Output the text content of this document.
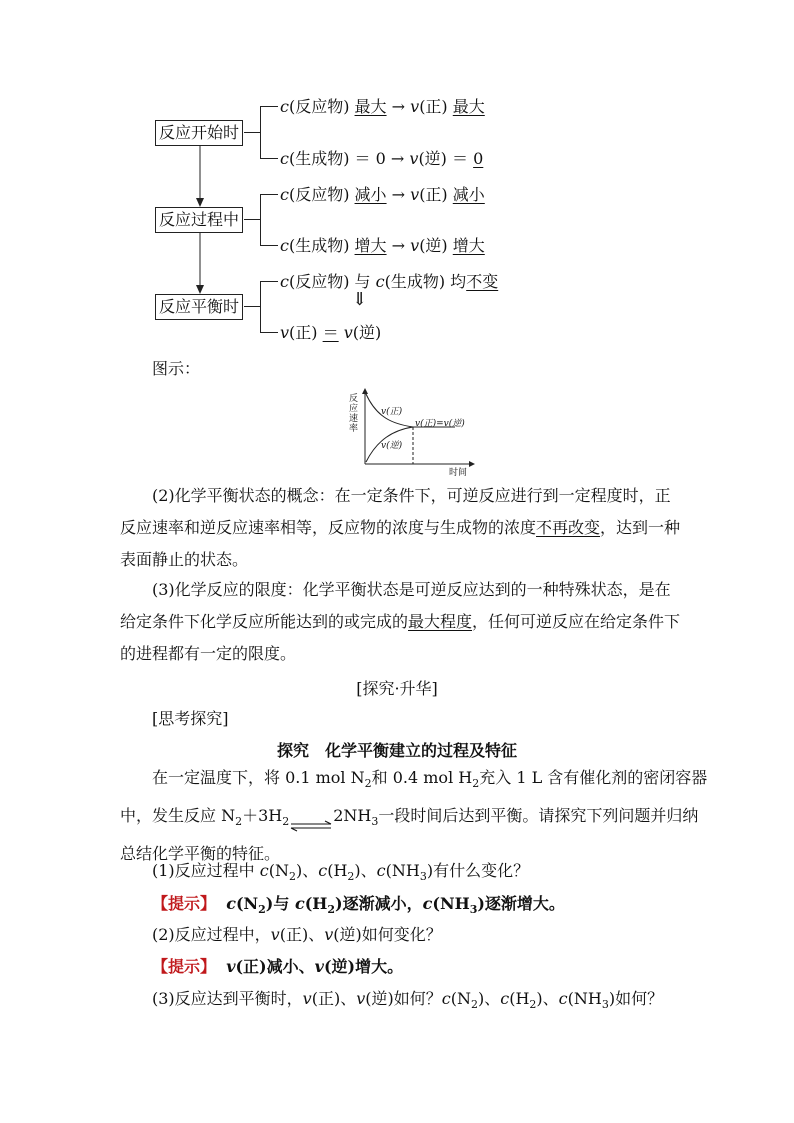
反应开始时
反应过程中
反应平衡时
c(反应物) 最大 → v(正) 最大
c(生成物) ＝ 0 → v(逆) ＝ 0
c(反应物) 减小 → v(正) 减小
c(生成物) 增大 → v(逆) 增大
c(反应物) 与 c(生成物) 均不变
⇓
v(正) ＝ v(逆)
图示：
反
应
速
率
v(正)
v(逆)
v(正)=v(逆)
时间
(2)化学平衡状态的概念：在一定条件下，可逆反应进行到一定程度时，正
反应速率和逆反应速率相等，反应物的浓度与生成物的浓度不再改变，达到一种
表面静止的状态。
(3)化学反应的限度：化学平衡状态是可逆反应达到的一种特殊状态，是在
给定条件下化学反应所能达到的或完成的最大程度，任何可逆反应在给定条件下
的进程都有一定的限度。
[探究·升华]
[思考探究]
探究　化学平衡建立的过程及特征
在一定温度下，将 0.1 mol $N_2$和 0.4 mol $H_2$充入 1 L 含有催化剂的密闭容器
中，发生反应 $N_2+3H_2\rightleftharpoons 2NH_3$一段时间后达到平衡。请探究下列问题并归纳
总结化学平衡的特征。
(1)反应过程中 $c(N_2)$、$c(H_2)$、$c(NH_3)$有什么变化？
【提示】 $c(N_2)$与 $c(H_2)$逐渐减小，$c(NH_3)$逐渐增大。
(2)反应过程中，v(正)、v(逆)如何变化？
【提示】 v(正)减小、v(逆)增大。
(3)反应达到平衡时，v(正)、v(逆)如何？$c(N_2)$、$c(H_2)$、$c(NH_3)$如何？
